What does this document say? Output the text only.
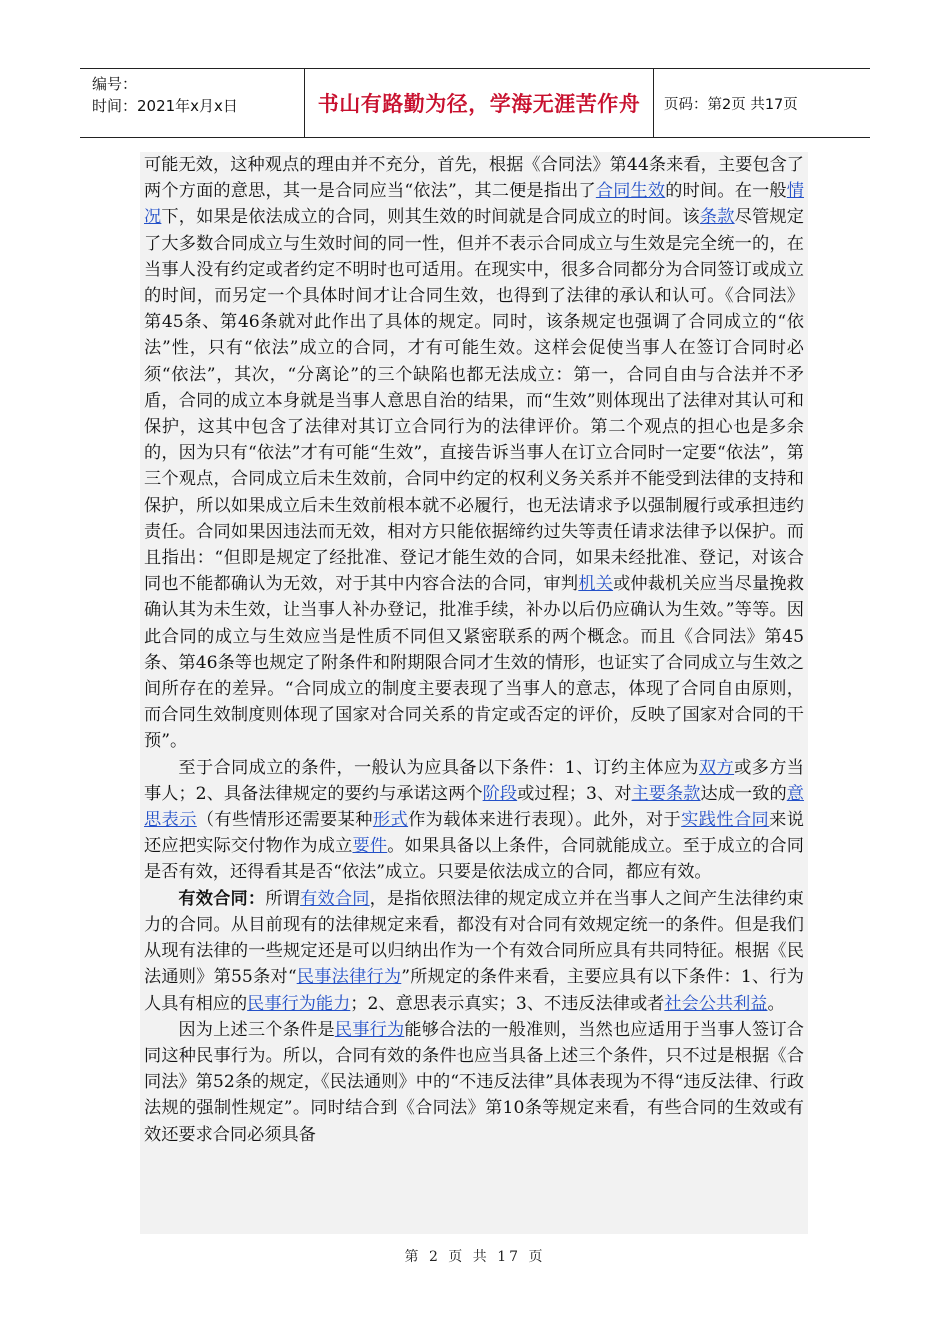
编号：
时间：2021年x月x日	书山有路勤为径，学海无涯苦作舟	页码：第2页 共17页

可能无效，这种观点的理由并不充分，首先，根据《合同法》第44条来看，主要包含了两个方面的意思，其一是合同应当“依法”，其二便是指出了合同生效的时间。在一般情况下，如果是依法成立的合同，则其生效的时间就是合同成立的时间。该条款尽管规定了大多数合同成立与生效时间的同一性，但并不表示合同成立与生效是完全统一的，在当事人没有约定或者约定不明时也可适用。在现实中，很多合同都分为合同签订或成立的时间，而另定一个具体时间才让合同生效，也得到了法律的承认和认可。《合同法》第45条、第46条就对此作出了具体的规定。同时，该条规定也强调了合同成立的“依法”性，只有“依法”成立的合同，才有可能生效。这样会促使当事人在签订合同时必须“依法”，其次，“分离论”的三个缺陷也都无法成立：第一，合同自由与合法并不矛盾，合同的成立本身就是当事人意思自治的结果，而“生效”则体现出了法律对其认可和保护，这其中包含了法律对其订立合同行为的法律评价。第二个观点的担心也是多余的，因为只有“依法”才有可能“生效”，直接告诉当事人在订立合同时一定要“依法”，第三个观点，合同成立后未生效前，合同中约定的权利义务关系并不能受到法律的支持和保护，所以如果成立后未生效前根本就不必履行，也无法请求予以强制履行或承担违约责任。合同如果因违法而无效，相对方只能依据缔约过失等责任请求法律予以保护。而且指出：“但即是规定了经批准、登记才能生效的合同，如果未经批准、登记，对该合同也不能都确认为无效，对于其中内容合法的合同，审判机关或仲裁机关应当尽量挽救确认其为未生效，让当事人补办登记，批准手续，补办以后仍应确认为生效。”等等。因此合同的成立与生效应当是性质不同但又紧密联系的两个概念。而且《合同法》第45条、第46条等也规定了附条件和附期限合同才生效的情形，也证实了合同成立与生效之间所存在的差异。“合同成立的制度主要表现了当事人的意志，体现了合同自由原则，而合同生效制度则体现了国家对合同关系的肯定或否定的评价，反映了国家对合同的干预”。

至于合同成立的条件，一般认为应具备以下条件：1、订约主体应为双方或多方当事人；2、具备法律规定的要约与承诺这两个阶段或过程；3、对主要条款达成一致的意思表示（有些情形还需要某种形式作为载体来进行表现）。此外，对于实践性合同来说还应把实际交付物作为成立要件。如果具备以上条件，合同就能成立。至于成立的合同是否有效，还得看其是否“依法”成立。只要是依法成立的合同，都应有效。

有效合同：所谓有效合同，是指依照法律的规定成立并在当事人之间产生法律约束力的合同。从目前现有的法律规定来看，都没有对合同有效规定统一的条件。但是我们从现有法律的一些规定还是可以归纳出作为一个有效合同所应具有共同特征。根据《民法通则》第55条对“民事法律行为”所规定的条件来看，主要应具有以下条件：1、行为人具有相应的民事行为能力；2、意思表示真实；3、不违反法律或者社会公共利益。

因为上述三个条件是民事行为能够合法的一般准则，当然也应适用于当事人签订合同这种民事行为。所以，合同有效的条件也应当具备上述三个条件，只不过是根据《合同法》第52条的规定，《民法通则》中的“不违反法律”具体表现为不得“违反法律、行政法规的强制性规定”。同时结合到《合同法》第10条等规定来看，有些合同的生效或有效还要求合同必须具备

第 2 页 共 17 页
